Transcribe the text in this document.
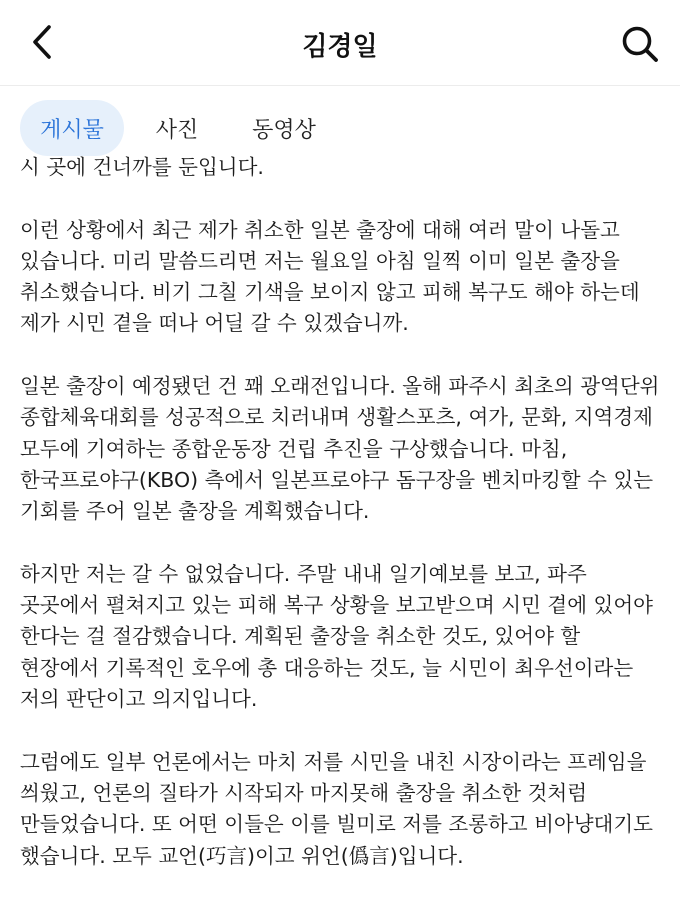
김경일
게시물	사진	동영상

시 곳에 건너까를 둔입니다.

이런 상황에서 최근 제가 취소한 일본 출장에 대해 여러 말이 나돌고 있습니다. 미리 말씀드리면 저는 월요일 아침 일찍 이미 일본 출장을 취소했습니다. 비기 그칠 기색을 보이지 않고 피해 복구도 해야 하는데 제가 시민 곁을 떠나 어딜 갈 수 있겠습니까.

일본 출장이 예정됐던 건 꽤 오래전입니다. 올해 파주시 최초의 광역단위 종합체육대회를 성공적으로 치러내며 생활스포츠, 여가, 문화, 지역경제 모두에 기여하는 종합운동장 건립 추진을 구상했습니다. 마침, 한국프로야구(KBO) 측에서 일본프로야구 돔구장을 벤치마킹할 수 있는 기회를 주어 일본 출장을 계획했습니다.

하지만 저는 갈 수 없었습니다. 주말 내내 일기예보를 보고, 파주 곳곳에서 펼쳐지고 있는 피해 복구 상황을 보고받으며 시민 곁에 있어야 한다는 걸 절감했습니다. 계획된 출장을 취소한 것도, 있어야 할 현장에서 기록적인 호우에 총 대응하는 것도, 늘 시민이 최우선이라는 저의 판단이고 의지입니다.

그럼에도 일부 언론에서는 마치 저를 시민을 내친 시장이라는 프레임을 씌웠고, 언론의 질타가 시작되자 마지못해 출장을 취소한 것처럼 만들었습니다. 또 어떤 이들은 이를 빌미로 저를 조롱하고 비아냥대기도 했습니다. 모두 교언(巧言)이고 위언(僞言)입니다.
